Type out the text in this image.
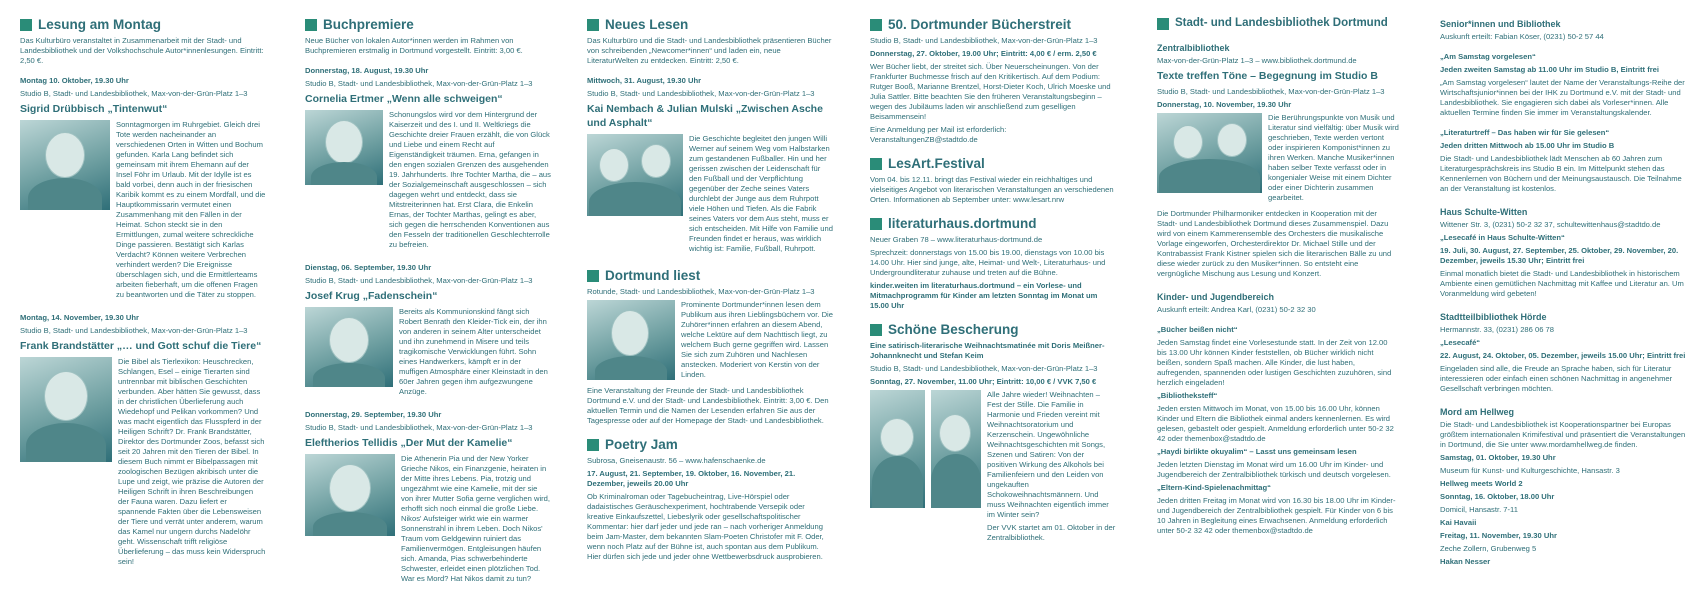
Lesung am Montag

Das Kulturbüro veranstaltet in Zusammenarbeit mit der Stadt- und Landesbibliothek und der Volkshochschule Autor*innenlesungen. Eintritt: 2,50 €.

Montag 10. Oktober, 19.30 Uhr

Studio B, Stadt- und Landesbibliothek, Max-von-der-Grün-Platz 1–3

Sigrid Drübbisch „Tintenwut“

Sonntagmorgen im Ruhrgebiet. Gleich drei Tote werden nacheinander an verschiedenen Orten in Witten und Bochum gefunden. Karla Lang befindet sich gemeinsam mit ihrem Ehemann auf der Insel Föhr im Urlaub. Mit der Idylle ist es bald vorbei, denn auch in der friesischen Karibik kommt es zu einem Mordfall, und die Hauptkommissarin vermutet einen Zusammenhang mit den Fällen in der Heimat. Schon steckt sie in den Ermittlungen, zumal weitere schreckliche Dinge passieren. Bestätigt sich Karlas Verdacht? Können weitere Verbrechen verhindert werden? Die Ereignisse überschlagen sich, und die Ermittlerteams arbeiten fieberhaft, um die offenen Fragen zu beantworten und die Täter zu stoppen.

Montag, 14. November, 19.30 Uhr

Studio B, Stadt- und Landesbibliothek, Max-von-der-Grün-Platz 1–3

Frank Brandstätter „… und Gott schuf die Tiere“

Die Bibel als Tierlexikon: Heuschrecken, Schlangen, Esel – einige Tierarten sind untrennbar mit biblischen Geschichten verbunden. Aber hätten Sie gewusst, dass in der christlichen Überlieferung auch Wiedehopf und Pelikan vorkommen? Und was macht eigentlich das Flusspferd in der Heiligen Schrift? Dr. Frank Brandstätter, Direktor des Dortmunder Zoos, befasst sich seit 20 Jahren mit den Tieren der Bibel. In diesem Buch nimmt er Bibelpassagen mit zoologischen Bezügen akribisch unter die Lupe und zeigt, wie präzise die Autoren der Heiligen Schrift in ihren Beschreibungen der Fauna waren. Dazu liefert er spannende Fakten über die Lebensweisen der Tiere und verrät unter anderem, warum das Kamel nur ungern durchs Nadelöhr geht. Wissenschaft trifft religiöse Überlieferung – das muss kein Widerspruch sein!

Buchpremiere

Neue Bücher von lokalen Autor*innen werden im Rahmen von Buchpremieren erstmalig in Dortmund vorgestellt. Eintritt: 3,00 €.

Donnerstag, 18. August, 19.30 Uhr

Studio B, Stadt- und Landesbibliothek, Max-von-der-Grün-Platz 1–3

Cornelia Ertmer „Wenn alle schweigen“

Schonungslos wird vor dem Hintergrund der Kaiserzeit und des I. und II. Weltkriegs die Geschichte dreier Frauen erzählt, die von Glück und Liebe und einem Recht auf Eigenständigkeit träumen. Erna, gefangen in den engen sozialen Grenzen des ausgehenden 19. Jahrhunderts. Ihre Tochter Martha, die – aus der Sozialgemeinschaft ausgeschlossen – sich dagegen wehrt und entdeckt, dass sie Mitstreiterinnen hat. Erst Clara, die Enkelin Ernas, der Tochter Marthas, gelingt es aber, sich gegen die herrschenden Konventionen aus den Fesseln der traditionellen Geschlechterrolle zu befreien.

Dienstag, 06. September, 19.30 Uhr

Studio B, Stadt- und Landesbibliothek, Max-von-der-Grün-Platz 1–3

Josef Krug „Fadenschein“

Bereits als Kommunionskind fängt sich Robert Benrath den Kleider-Tick ein, der ihn von anderen in seinem Alter unterscheidet und ihn zunehmend in Misere und teils tragikomische Verwicklungen führt. Sohn eines Handwerkers, kämpft er in der muffigen Atmosphäre einer Kleinstadt in den 60er Jahren gegen ihm aufgezwungene Anzüge.

Donnerstag, 29. September, 19.30 Uhr

Studio B, Stadt- und Landesbibliothek, Max-von-der-Grün-Platz 1–3

Eleftherios Tellidis „Der Mut der Kamelie“

Die Athenerin Pia und der New Yorker Grieche Nikos, ein Finanzgenie, heiraten in der Mitte ihres Lebens. Pia, trotzig und ungezähmt wie eine Kamelie, mit der sie von ihrer Mutter Sofia gerne verglichen wird, erhofft sich noch einmal die große Liebe. Nikos' Aufsteiger wirkt wie ein warmer Sonnenstrahl in ihrem Leben. Doch Nikos' Traum vom Geldgewinn ruiniert das Familienvermögen. Entgleisungen häufen sich. Amanda, Pias schwerbehinderte Schwester, erleidet einen plötzlichen Tod. War es Mord? Hat Nikos damit zu tun?

Neues Lesen

Das Kulturbüro und die Stadt- und Landesbibliothek präsentieren Bücher von schreibenden „Newcomer*innen“ und laden ein, neue LiteraturWelten zu entdecken. Eintritt: 2,50 €.

Mittwoch, 31. August, 19.30 Uhr

Studio B, Stadt- und Landesbibliothek, Max-von-der-Grün-Platz 1–3

Kai Nembach & Julian Mulski „Zwischen Asche und Asphalt“

Die Geschichte begleitet den jungen Willi Werner auf seinem Weg vom Halbstarken zum gestandenen Fußballer. Hin und her gerissen zwischen der Leidenschaft für den Fußball und der Verpflichtung gegenüber der Zeche seines Vaters durchlebt der Junge aus dem Ruhrpott viele Höhen und Tiefen. Als die Fabrik seines Vaters vor dem Aus steht, muss er sich entscheiden. Mit Hilfe von Familie und Freunden findet er heraus, was wirklich wichtig ist: Familie, Fußball, Ruhrpott.

Dortmund liest

Rotunde, Stadt- und Landesbibliothek, Max-von-der-Grün-Platz 1–3

Prominente Dortmunder*innen lesen dem Publikum aus ihren Lieblingsbüchern vor. Die Zuhörer*innen erfahren an diesem Abend, welche Lektüre auf dem Nachttisch liegt, zu welchem Buch gerne gegriffen wird. Lassen Sie sich zum Zuhören und Nachlesen anstecken. Moderiert von Kerstin von der Linden.

Eine Veranstaltung der Freunde der Stadt- und Landesbibliothek Dortmund e.V. und der Stadt- und Landesbibliothek. Eintritt: 3,00 €. Den aktuellen Termin und die Namen der Lesenden erfahren Sie aus der Tagespresse oder auf der Homepage der Stadt- und Landesbibliothek.

Poetry Jam

Subrosa, Gneisenaustr. 56 – www.hafenschaenke.de

17. August, 21. September, 19. Oktober, 16. November, 21. Dezember, jeweils 20.00 Uhr

Ob Kriminalroman oder Tagebucheintrag, Live-Hörspiel oder dadaistisches Geräuschexperiment, hochtrabende Versepik oder kreative Einkaufszettel, Liebeslyrik oder gesellschaftspolitischer Kommentar: hier darf jeder und jede ran – nach vorheriger Anmeldung beim Jam-Master, dem bekannten Slam-Poeten Christofer mit F. Oder, wenn noch Platz auf der Bühne ist, auch spontan aus dem Publikum. Hier dürfen sich jede und jeder ohne Wettbewerbsdruck ausprobieren.

50. Dortmunder Bücherstreit

Studio B, Stadt- und Landesbibliothek, Max-von-der-Grün-Platz 1–3

Donnerstag, 27. Oktober, 19.00 Uhr; Eintritt: 4,00 € / erm. 2,50 €

Wer Bücher liebt, der streitet sich. Über Neuerscheinungen. Von der Frankfurter Buchmesse frisch auf den Kritikertisch. Auf dem Podium: Rutger Booß, Marianne Brentzel, Horst-Dieter Koch, Ulrich Moeske und Julia Sattler. Bitte beachten Sie den früheren Veranstaltungsbeginn – wegen des Jubiläums laden wir anschließend zum geselligen Beisammensein!

Eine Anmeldung per Mail ist erforderlich: VeranstaltungenZB@stadtdo.de

LesArt.Festival

Vom 04. bis 12.11. bringt das Festival wieder ein reichhaltiges und vielseitiges Angebot von literarischen Veranstaltungen an verschiedenen Orten. Informationen ab September unter: www.lesart.nrw

literaturhaus.dortmund

Neuer Graben 78 – www.literaturhaus-dortmund.de

Sprechzeit: donnerstags von 15.00 bis 19.00, dienstags von 10.00 bis 14.00 Uhr. Hier sind junge, alte, Heimat- und Welt-, Literaturhaus- und Undergroundliteratur zuhause und treten auf die Bühne.

kinder.weiten im literaturhaus.dortmund – ein Vorlese- und Mitmachprogramm für Kinder am letzten Sonntag im Monat um 15.00 Uhr

Schöne Bescherung

Eine satirisch-literarische Weihnachtsmatinée mit Doris Meißner-Johannknecht und Stefan Keim

Studio B, Stadt- und Landesbibliothek, Max-von-der-Grün-Platz 1–3

Sonntag, 27. November, 11.00 Uhr; Eintritt: 10,00 € / VVK 7,50 €

Alle Jahre wieder! Weihnachten – Fest der Stille. Die Familie in Harmonie und Frieden vereint mit Weihnachtsoratorium und Kerzenschein. Ungewöhnliche Weihnachtsgeschichten mit Songs, Szenen und Satiren: Von der positiven Wirkung des Alkohols bei Familienfeiern und den Leiden von ungekauften Schokoweihnachtsmännern. Und muss Weihnachten eigentlich immer im Winter sein?

Der VVK startet am 01. Oktober in der Zentralbibliothek.

Stadt- und Landesbibliothek Dortmund
Zentralbibliothek

Max-von-der-Grün-Platz 1–3 – www.bibliothek.dortmund.de

Texte treffen Töne – Begegnung im Studio B

Studio B, Stadt- und Landesbibliothek, Max-von-der-Grün-Platz 1–3

Donnerstag, 10. November, 19.30 Uhr

Die Berührungspunkte von Musik und Literatur sind vielfältig: über Musik wird geschrieben, Texte werden vertont oder inspirieren Komponist*innen zu ihren Werken. Manche Musiker*innen haben selber Texte verfasst oder in kongenialer Weise mit einem Dichter oder einer Dichterin zusammen gearbeitet.

Die Dortmunder Philharmoniker entdecken in Kooperation mit der Stadt- und Landesbibliothek Dortmund dieses Zusammenspiel. Dazu wird von einem Kammerensemble des Orchesters die musikalische Vorlage eingeworfen, Orchesterdirektor Dr. Michael Stille und der Kontrabassist Frank Kistner spielen sich die literarischen Bälle zu und diese wieder zurück zu den Musiker*innen. So entsteht eine vergnügliche Mischung aus Lesung und Konzert.

Kinder- und Jugendbereich

Auskunft erteilt: Andrea Karl, (0231) 50-2 32 30

„Bücher beißen nicht“

Jeden Samstag findet eine Vorlesestunde statt. In der Zeit von 12.00 bis 13.00 Uhr können Kinder feststellen, ob Bücher wirklich nicht beißen, sondern Spaß machen. Alle Kinder, die lust haben, aufregenden, spannenden oder lustigen Geschichten zuzuhören, sind herzlich eingeladen!

„Bibliotheksteff“

Jeden ersten Mittwoch im Monat, von 15.00 bis 16.00 Uhr, können Kinder und Eltern die Bibliothek einmal anders kennenlernen. Es wird gelesen, gebastelt oder gespielt. Anmeldung erforderlich unter 50-2 32 42 oder themenbox@stadtdo.de

„Haydi birlikte okuyalim“ – Lasst uns gemeinsam lesen

Jeden letzten Dienstag im Monat wird um 16.00 Uhr im Kinder- und Jugendbereich der Zentralbibliothek türkisch und deutsch vorgelesen.

„Eltern-Kind-Spielenachmittag“

Jeden dritten Freitag im Monat wird von 16.30 bis 18.00 Uhr im Kinder- und Jugendbereich der Zentralbibliothek gespielt. Für Kinder von 6 bis 10 Jahren in Begleitung eines Erwachsenen. Anmeldung erforderlich unter 50-2 32 42 oder themenbox@stadtdo.de

Senior*innen und Bibliothek

Auskunft erteilt: Fabian Köser, (0231) 50-2 57 44

„Am Samstag vorgelesen“

Jeden zweiten Samstag ab 11.00 Uhr im Studio B, Eintritt frei

„Am Samstag vorgelesen“ lautet der Name der Veranstaltungs-Reihe der Wirtschaftsjunior*innen bei der IHK zu Dortmund e.V. mit der Stadt- und Landesbibliothek. Sie engagieren sich dabei als Vorleser*innen. Alle aktuellen Termine finden Sie immer im Veranstaltungskalender.

„Literaturtreff – Das haben wir für Sie gelesen“

Jeden dritten Mittwoch ab 15.00 Uhr im Studio B

Die Stadt- und Landesbibliothek lädt Menschen ab 60 Jahren zum Literaturgesprächskreis ins Studio B ein. Im Mittelpunkt stehen das Kennenlernen von Büchern und der Meinungsaustausch. Die Teilnahme an der Veranstaltung ist kostenlos.

Haus Schulte-Witten

Wittener Str. 3, (0231) 50-2 32 37, schultewittenhaus@stadtdo.de

„Lesecafé in Haus Schulte-Witten“

19. Juli, 30. August, 27. September, 25. Oktober, 29. November, 20. Dezember, jeweils 15.30 Uhr; Eintritt frei

Einmal monatlich bietet die Stadt- und Landesbibliothek in historischem Ambiente einen gemütlichen Nachmittag mit Kaffee und Literatur an. Um Voranmeldung wird gebeten!

Stadtteilbibliothek Hörde

Hermannstr. 33, (0231) 286 06 78

„Lesecafé“

22. August, 24. Oktober, 05. Dezember, jeweils 15.00 Uhr; Eintritt frei

Eingeladen sind alle, die Freude an Sprache haben, sich für Literatur interessieren oder einfach einen schönen Nachmittag in angenehmer Gesellschaft verbringen möchten.

Mord am Hellweg

Die Stadt- und Landesbibliothek ist Kooperationspartner bei Europas größtem internationalen Krimifestival und präsentiert die Veranstaltungen in Dortmund, die Sie unter www.mordamhellweg.de finden.

Samstag, 01. Oktober, 19.30 Uhr

Museum für Kunst- und Kulturgeschichte, Hansastr. 3

Hellweg meets World 2

Sonntag, 16. Oktober, 18.00 Uhr

Domicil, Hansastr. 7-11

Kai Havaii

Freitag, 11. November, 19.30 Uhr

Zeche Zollern, Grubenweg 5

Hakan Nesser
